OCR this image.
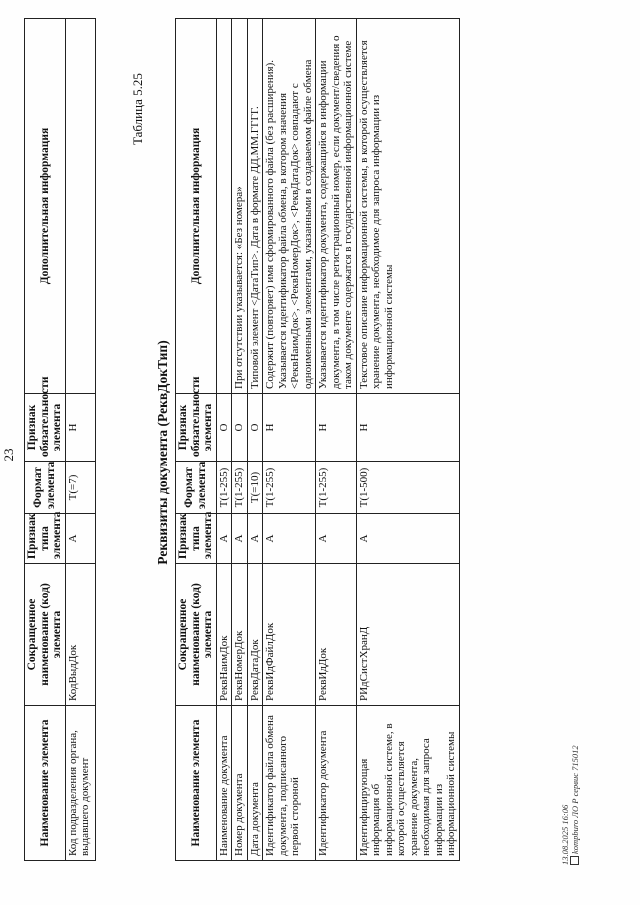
23
Наименование элемента	Сокращенное наименование (код) элемента	Признак типа элемента	Формат элемента	Признак обязательности элемента	Дополнительная информация
Код подразделения органа, выдавшего документ	КодВыдДок	А	T(=7)	Н	
Таблица 5.25
Реквизиты документа (РеквДокТип)
Наименование элемента	Сокращенное наименование (код) элемента	Признак типа элемента	Формат элемента	Признак обязательности элемента	Дополнительная информация
Наименование документа	РеквНаимДок	А	T(1-255)	О	
Номер документа	РеквНомерДок	А	T(1-255)	О	При отсутствии указывается: «Без номера»
Дата документа	РеквДатаДок	А	T(=10)	О	Типовой элемент <ДатаТип>. Дата в формате ДД.ММ.ГГГГ.
Идентификатор файла обмена документа, подписанного первой стороной	РеквИдФайлДок	А	T(1-255)	Н	Содержит (повторяет) имя сформированного файла (без расширения). Указывается идентификатор файла обмена, в котором значения <РеквНаимДок>, <РеквНомерДок>, <РеквДатаДок> совпадают с одноименными элементами, указанными в создаваемом файле обмена
Идентификатор документа	РеквИдДок	А	T(1-255)	Н	Указывается идентификатор документа, содержащийся в информации документа, в том числе регистрационный номер, если документ/сведения о таком документе содержатся в государственной информационной системе
Идентифицирующая информация об информационной системе, в которой осуществляется хранение документа, необходимая для запроса информации из информационной системы	РИдСистХранД	А	T(1-500)	Н	Текстовое описание информационной системы, в которой осуществляется хранение документа, необходимое для запроса информации из информационной системы
13.08.2025 16:06 kompburo ЛО Р сервис 715012
